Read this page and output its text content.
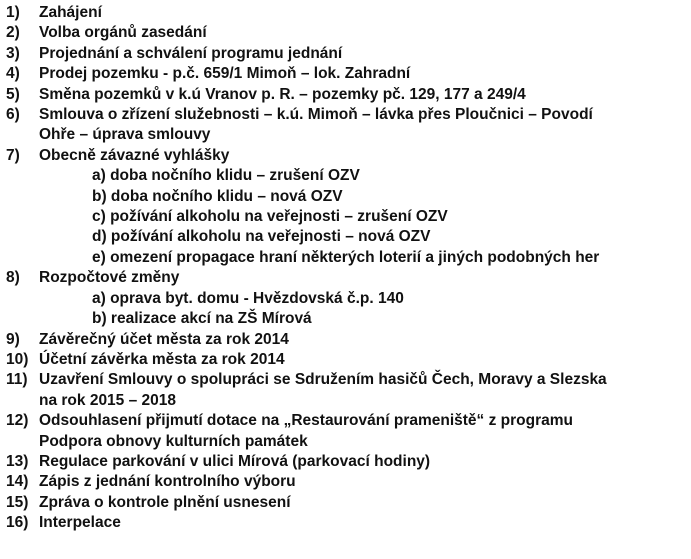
1)	Zahájení
2)	Volba orgánů zasedání
3)	Projednání a schválení programu jednání
4)	Prodej pozemku - p.č. 659/1 Mimoň – lok. Zahradní
5)	Směna pozemků v k.ú Vranov p. R. – pozemky pč. 129, 177 a 249/4
6)	Smlouva o zřízení služebnosti – k.ú. Mimoň – lávka přes Ploučnici – Povodí
Ohře – úprava smlouvy
7)	Obecně závazné vyhlášky
a) doba nočního klidu – zrušení OZV
b) doba nočního klidu – nová OZV
c) požívání alkoholu na veřejnosti – zrušení OZV
d) požívání alkoholu na veřejnosti – nová OZV
e) omezení propagace hraní některých loterií a jiných podobných her
8)	Rozpočtové změny
a) oprava byt. domu - Hvězdovská č.p. 140
b) realizace akcí na ZŠ Mírová
9)	Závěrečný účet města za rok 2014
10) Účetní závěrka města za rok 2014
11) Uzavření Smlouvy o spolupráci se Sdružením hasičů Čech, Moravy a Slezska
na rok 2015 – 2018
12) Odsouhlasení přijmutí dotace na „Restaurování prameniště“ z programu
Podpora obnovy kulturních památek
13) Regulace parkování v ulici Mírová (parkovací hodiny)
14) Zápis z jednání kontrolního výboru
15) Zpráva o kontrole plnění usnesení
16) Interpelace
